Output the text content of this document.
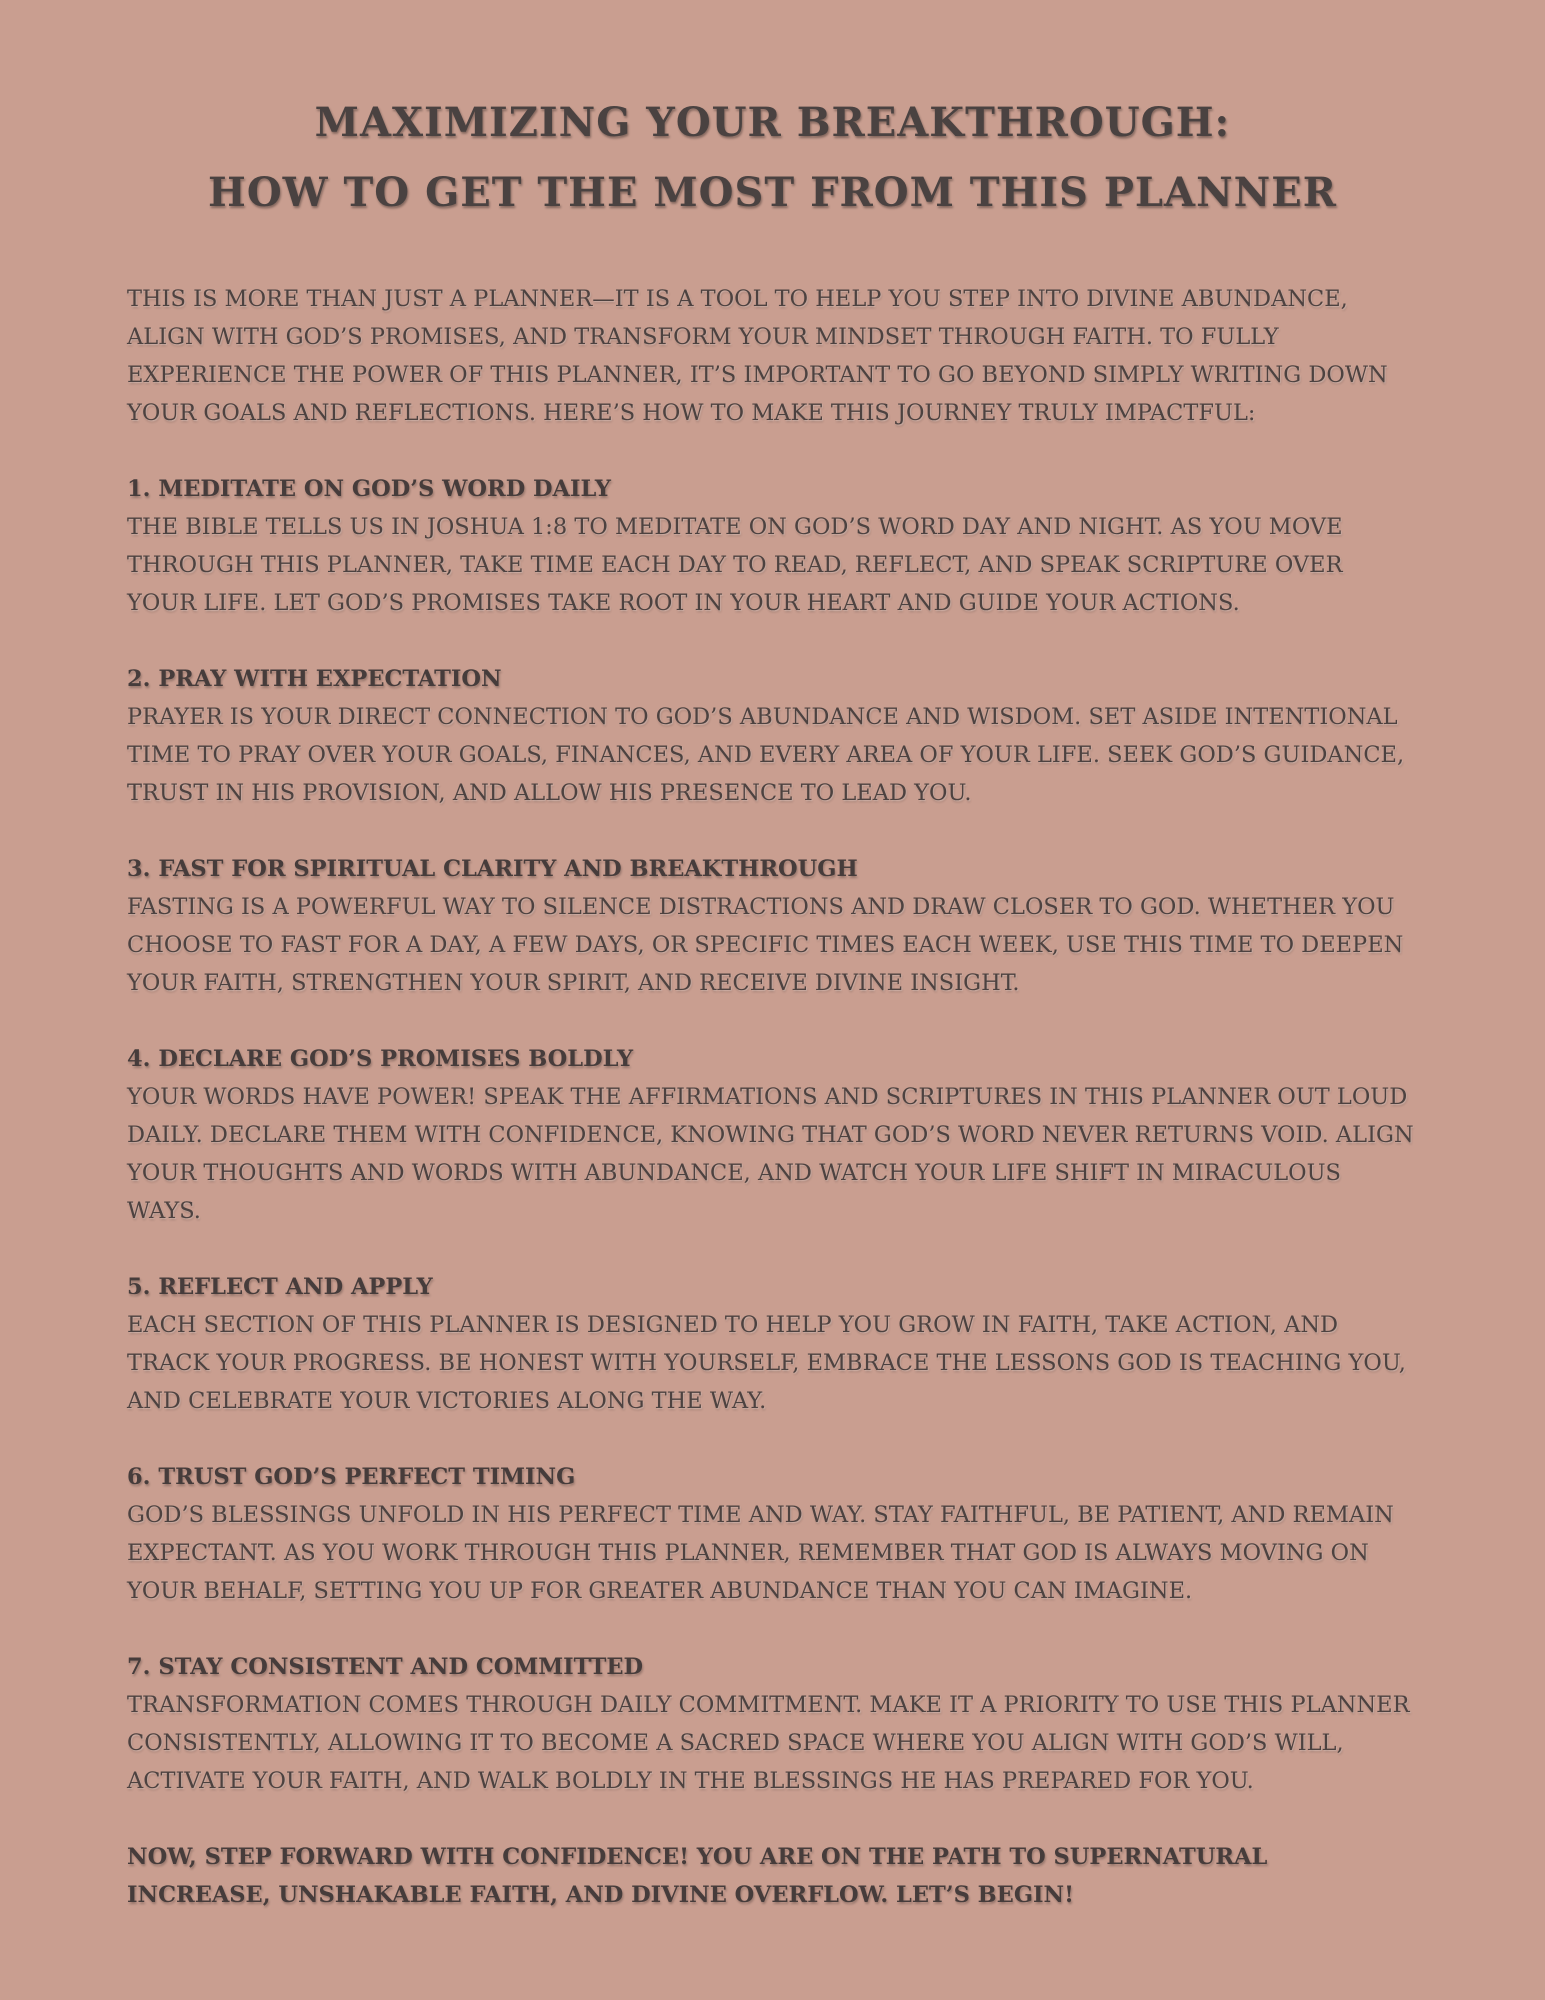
MAXIMIZING YOUR BREAKTHROUGH:
HOW TO GET THE MOST FROM THIS PLANNER

THIS IS MORE THAN JUST A PLANNER—IT IS A TOOL TO HELP YOU STEP INTO DIVINE ABUNDANCE, ALIGN WITH GOD’S PROMISES, AND TRANSFORM YOUR MINDSET THROUGH FAITH. TO FULLY EXPERIENCE THE POWER OF THIS PLANNER, IT’S IMPORTANT TO GO BEYOND SIMPLY WRITING DOWN YOUR GOALS AND REFLECTIONS. HERE’S HOW TO MAKE THIS JOURNEY TRULY IMPACTFUL:

1. MEDITATE ON GOD’S WORD DAILY

THE BIBLE TELLS US IN JOSHUA 1:8 TO MEDITATE ON GOD’S WORD DAY AND NIGHT. AS YOU MOVE THROUGH THIS PLANNER, TAKE TIME EACH DAY TO READ, REFLECT, AND SPEAK SCRIPTURE OVER YOUR LIFE. LET GOD’S PROMISES TAKE ROOT IN YOUR HEART AND GUIDE YOUR ACTIONS.

2. PRAY WITH EXPECTATION

PRAYER IS YOUR DIRECT CONNECTION TO GOD’S ABUNDANCE AND WISDOM. SET ASIDE INTENTIONAL TIME TO PRAY OVER YOUR GOALS, FINANCES, AND EVERY AREA OF YOUR LIFE. SEEK GOD’S GUIDANCE, TRUST IN HIS PROVISION, AND ALLOW HIS PRESENCE TO LEAD YOU.

3. FAST FOR SPIRITUAL CLARITY AND BREAKTHROUGH

FASTING IS A POWERFUL WAY TO SILENCE DISTRACTIONS AND DRAW CLOSER TO GOD. WHETHER YOU CHOOSE TO FAST FOR A DAY, A FEW DAYS, OR SPECIFIC TIMES EACH WEEK, USE THIS TIME TO DEEPEN YOUR FAITH, STRENGTHEN YOUR SPIRIT, AND RECEIVE DIVINE INSIGHT.

4. DECLARE GOD’S PROMISES BOLDLY

YOUR WORDS HAVE POWER! SPEAK THE AFFIRMATIONS AND SCRIPTURES IN THIS PLANNER OUT LOUD DAILY. DECLARE THEM WITH CONFIDENCE, KNOWING THAT GOD’S WORD NEVER RETURNS VOID. ALIGN YOUR THOUGHTS AND WORDS WITH ABUNDANCE, AND WATCH YOUR LIFE SHIFT IN MIRACULOUS WAYS.

5. REFLECT AND APPLY

EACH SECTION OF THIS PLANNER IS DESIGNED TO HELP YOU GROW IN FAITH, TAKE ACTION, AND TRACK YOUR PROGRESS. BE HONEST WITH YOURSELF, EMBRACE THE LESSONS GOD IS TEACHING YOU, AND CELEBRATE YOUR VICTORIES ALONG THE WAY.

6. TRUST GOD’S PERFECT TIMING

GOD’S BLESSINGS UNFOLD IN HIS PERFECT TIME AND WAY. STAY FAITHFUL, BE PATIENT, AND REMAIN EXPECTANT. AS YOU WORK THROUGH THIS PLANNER, REMEMBER THAT GOD IS ALWAYS MOVING ON YOUR BEHALF, SETTING YOU UP FOR GREATER ABUNDANCE THAN YOU CAN IMAGINE.

7. STAY CONSISTENT AND COMMITTED

TRANSFORMATION COMES THROUGH DAILY COMMITMENT. MAKE IT A PRIORITY TO USE THIS PLANNER CONSISTENTLY, ALLOWING IT TO BECOME A SACRED SPACE WHERE YOU ALIGN WITH GOD’S WILL, ACTIVATE YOUR FAITH, AND WALK BOLDLY IN THE BLESSINGS HE HAS PREPARED FOR YOU.

NOW, STEP FORWARD WITH CONFIDENCE! YOU ARE ON THE PATH TO SUPERNATURAL INCREASE, UNSHAKABLE FAITH, AND DIVINE OVERFLOW. LET’S BEGIN!
